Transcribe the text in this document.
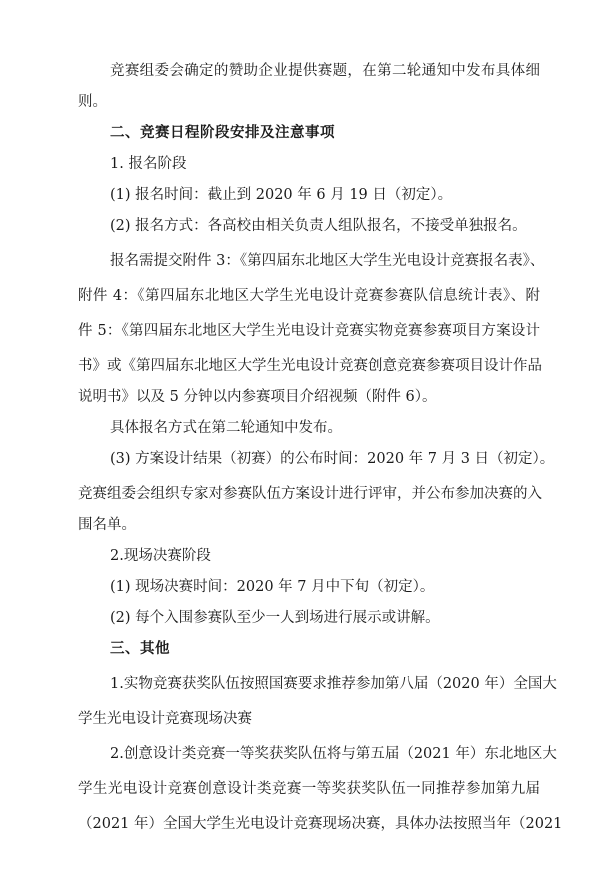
竞赛组委会确定的赞助企业提供赛题，在第二轮通知中发布具体细
则。
二、竞赛日程阶段安排及注意事项
1. 报名阶段
(1) 报名时间：截止到 2020 年 6 月 19 日（初定）。
(2) 报名方式：各高校由相关负责人组队报名，不接受单独报名。
报名需提交附件 3：《第四届东北地区大学生光电设计竞赛报名表》、
附件 4：《第四届东北地区大学生光电设计竞赛参赛队信息统计表》、附
件 5：《第四届东北地区大学生光电设计竞赛实物竞赛参赛项目方案设计
书》或《第四届东北地区大学生光电设计竞赛创意竞赛参赛项目设计作品
说明书》以及 5 分钟以内参赛项目介绍视频（附件 6）。
具体报名方式在第二轮通知中发布。
(3) 方案设计结果（初赛）的公布时间：2020 年 7 月 3 日（初定）。
竞赛组委会组织专家对参赛队伍方案设计进行评审，并公布参加决赛的入
围名单。
2.现场决赛阶段
(1) 现场决赛时间：2020 年 7 月中下旬（初定）。
(2) 每个入围参赛队至少一人到场进行展示或讲解。
三、其他
1.实物竞赛获奖队伍按照国赛要求推荐参加第八届（2020 年）全国大
学生光电设计竞赛现场决赛
2.创意设计类竞赛一等奖获奖队伍将与第五届（2021 年）东北地区大
学生光电设计竞赛创意设计类竞赛一等奖获奖队伍一同推荐参加第九届
（2021 年）全国大学生光电设计竞赛现场决赛，具体办法按照当年（2021
